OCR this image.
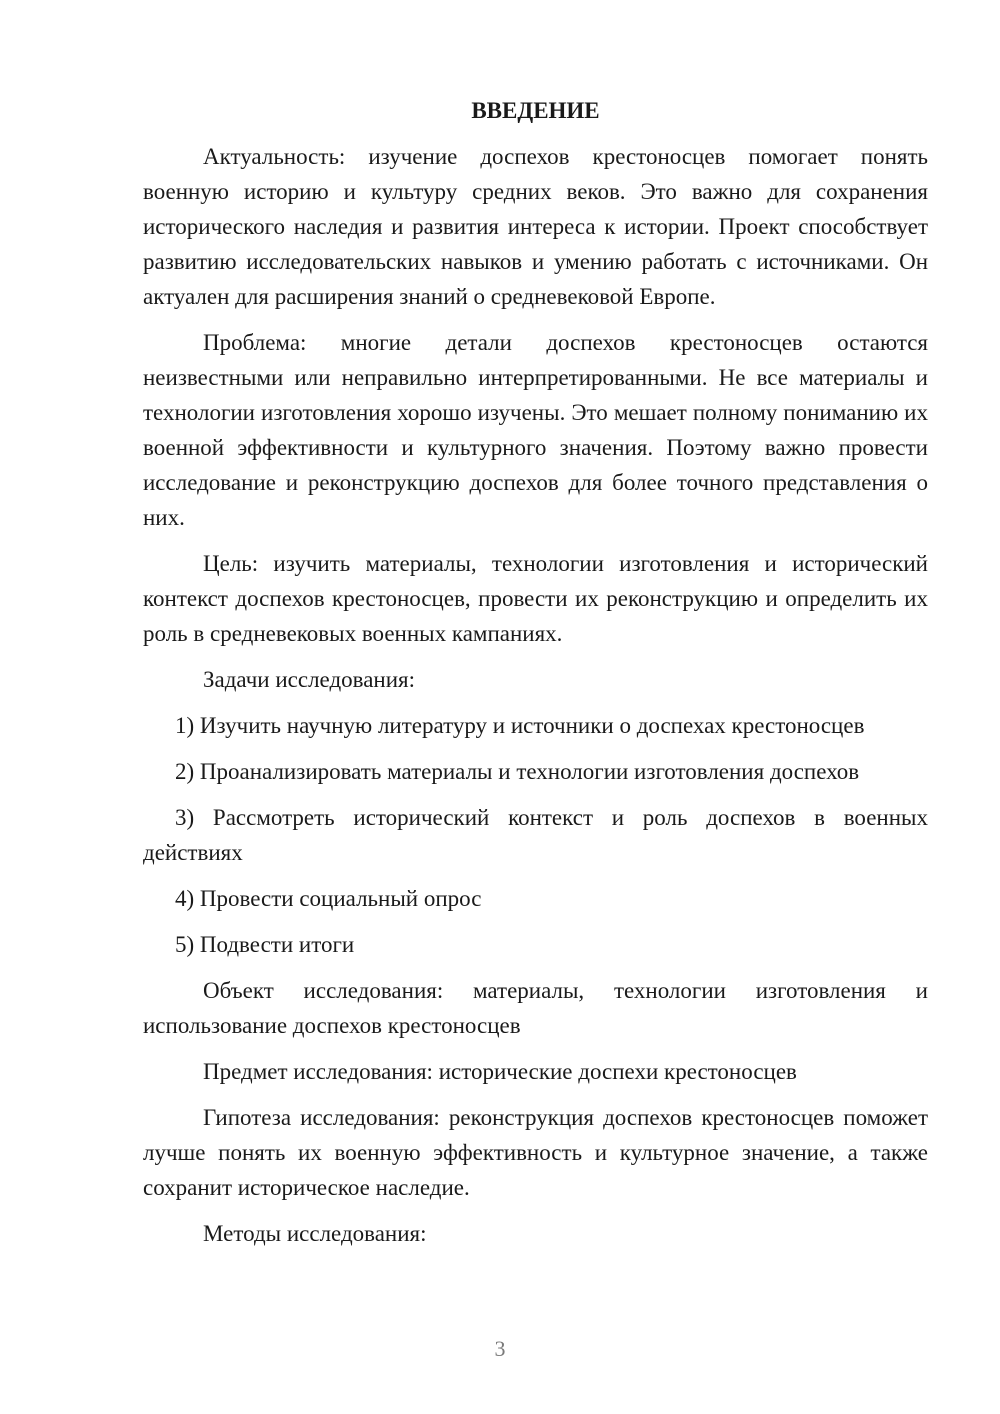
ВВЕДЕНИЕ

Актуальность: изучение доспехов крестоносцев помогает понять военную историю и культуру средних веков. Это важно для сохранения исторического наследия и развития интереса к истории. Проект способствует развитию исследовательских навыков и умению работать с источниками. Он актуален для расширения знаний о средневековой Европе.

Проблема: многие детали доспехов крестоносцев остаются неизвестными или неправильно интерпретированными. Не все материалы и технологии изготовления хорошо изучены. Это мешает полному пониманию их военной эффективности и культурного значения. Поэтому важно провести исследование и реконструкцию доспехов для более точного представления о них.

Цель: изучить материалы, технологии изготовления и исторический контекст доспехов крестоносцев, провести их реконструкцию и определить их роль в средневековых военных кампаниях.

Задачи исследования:

1) Изучить научную литературу и источники о доспехах крестоносцев

2) Проанализировать материалы и технологии изготовления доспехов

3) Рассмотреть исторический контекст и роль доспехов в военных действиях

4) Провести социальный опрос

5) Подвести итоги

Объект исследования: материалы, технологии изготовления и использование доспехов крестоносцев

Предмет исследования: исторические доспехи крестоносцев

Гипотеза исследования: реконструкция доспехов крестоносцев поможет лучше понять их военную эффективность и культурное значение, а также сохранит историческое наследие.

Методы исследования:

3
